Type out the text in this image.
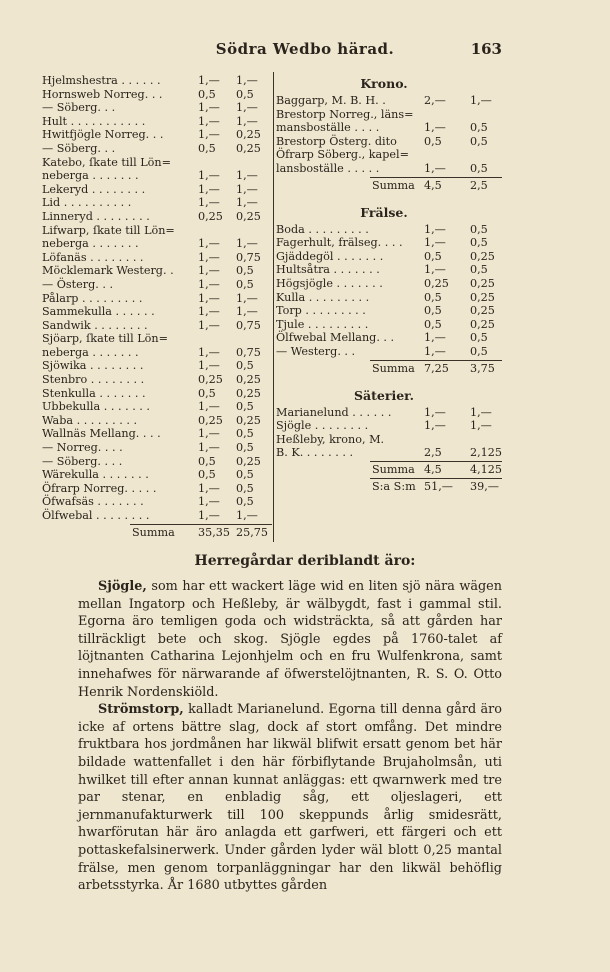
Södra Wedbo härad.	163
Hjelmshestra . . . . . .	1,— 1,—
Hornsweb Norreg. . .	0,5 0,5
— Söberg. . .	1,— 1,—
Hult . . . . . . . . . . .	1,— 1,—
Hwitfjögle Norreg. . .	1,— 0,25
— Söberg. . .	0,5 0,25
Katebo, ſkate till Lön=
neberga . . . . . . .	1,— 1,—
Lekeryd . . . . . . . .	1,— 1,—
Lid . . . . . . . . . .	1,— 1,—
Linneryd . . . . . . . .	0,25 0,25
Lifwarp, ſkate till Lön=
neberga . . . . . . .	1,— 1,—
Löfanäs . . . . . . . .	1,— 0,75
Möcklemark Westerg. . 1,— 0,5
— Österg. . .	1,— 0,5
Pålarp . . . . . . . . .	1,— 1,—
Sammekulla . . . . . .	1,— 1,—
Sandwik . . . . . . . .	1,— 0,75
Sjöarp, ſkate till Lön=
neberga . . . . . . .	1,— 0,75
Sjöwika . . . . . . . .	1,— 0,5
Stenbro . . . . . . . .	0,25 0,25
Stenkulla . . . . . . .	0,5 0,25
Ubbekulla . . . . . . .	1,— 0,5
Waba . . . . . . . . .	0,25 0,25
Wallnäs Mellang. . . .	1,— 0,5
— Norreg. . . .	1,— 0,5
— Söberg. . . .	0,5 0,25
Wärekulla . . . . . . .	0,5 0,5
Öfrarp Norreg. . . . .	1,— 0,5
Öfwafsäs . . . . . . .	1,— 0,5
Ölfwebal . . . . . . . .	1,— 1,—
Summa 35,35 25,75
Krono.
Baggarp, M. B. H. .	2,— 1,—
Brestorp Norreg., läns=
mansboställe . . . .	1,— 0,5
Brestorp Österg. dito 0,5	0,5
Öfrarp Söberg., kapel=
lansboställe . . . . .	1,— 0,5
Summa 4,5	2,5
Frälse.
Boda . . . . . . . . .	1,— 0,5
Fagerhult, frälseg. . . . 1,— 0,5
Gjäddegöl . . . . . . .	0,5	0,25
Hultsåtra . . . . . . .	1,— 0,5
Högsjögle . . . . . . .	0,25 0,25
Kulla . . . . . . . . .	0,5	0,25
Torp . . . . . . . . .	0,5	0,25
Tjule . . . . . . . . .	0,5	0,25
Ölfwebal Mellang. . .	1,— 0,5
— Westerg. . .	1,— 0,5
Summa 7,25 3,75
Säterier.
Marianelund . . . . . .	1,— 1,—
Sjögle . . . . . . . .	1,— 1,—
Heßleby, krono, M.
B. K. . . . . . . .	2,5	2,125
Summa 4,5	4,125
S:a S:m 51,— 39,—
Herregårdar deriblandt äro:

Sjögle, som har ett wackert läge wid en liten sjö nära wägen mellan Ingatorp och Heßleby, är wälbygdt, fast i gammal stil. Egorna äro temligen goda och widsträckta, så att gården har tillräckligt bete och skog. Sjögle egdes på 1760-talet af löjtnanten Catharina Lejonhjelm och en fru Wulfenkrona, samt innehafwes för närwarande af öfwerstelöjtnanten, R. S. O. Otto Henrik Nordenskiöld.

Strömstorp, kalladt Marianelund. Egorna till denna gård äro icke af ortens bättre slag, dock af stort omfång. Det mindre fruktbara hos jordmånen har likwäl blifwit ersatt genom bet här bildade wattenfallet i den här förbiflytande Brujaholmsån, uti hwilket till efter annan kunnat anläggas: ett qwarnwerk med tre par stenar, en enbladig såg, ett oljeslageri, ett jernmanufakturwerk till 100 skeppunds årlig smidesrätt, hwarförutan här äro anlagda ett garfweri, ett färgeri och ett pottaskefalsinerwerk. Under gården lyder wäl blott 0,25 mantal frälse, men genom torpanläggningar har den likwäl behöflig arbetsstyrka. År 1680 utbyttes gården
